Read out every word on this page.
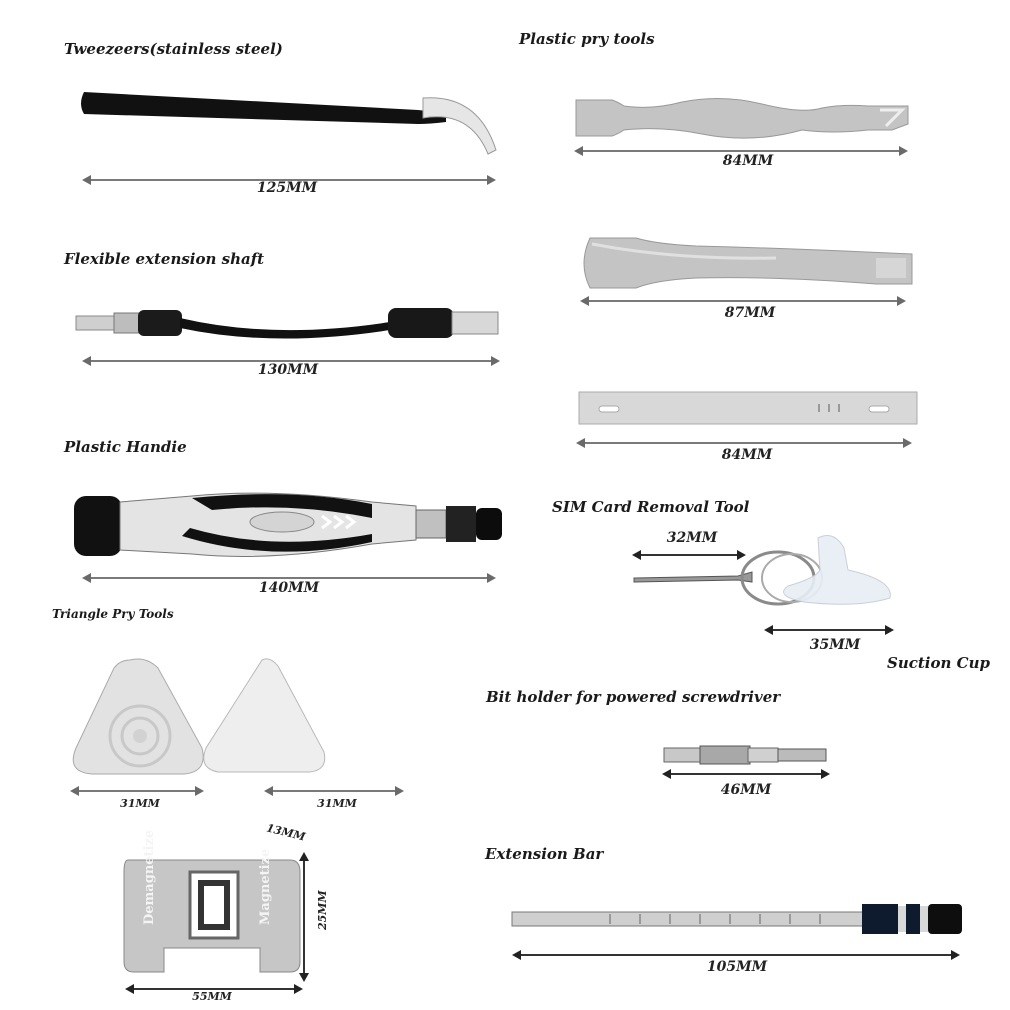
Tweezeers(stainless steel)
125MM
Flexible extension shaft
130MM
Plastic Handie
140MM
Triangle Pry Tools
31MM	31MM
13MM
Demagnetize	Magnetize
55MM
25MM
Plastic pry tools
84MM
87MM
84MM
SIM Card Removal Tool
32MM
35MM
Suction Cup
Bit holder for powered screwdriver
46MM
Extension Bar
105MM
